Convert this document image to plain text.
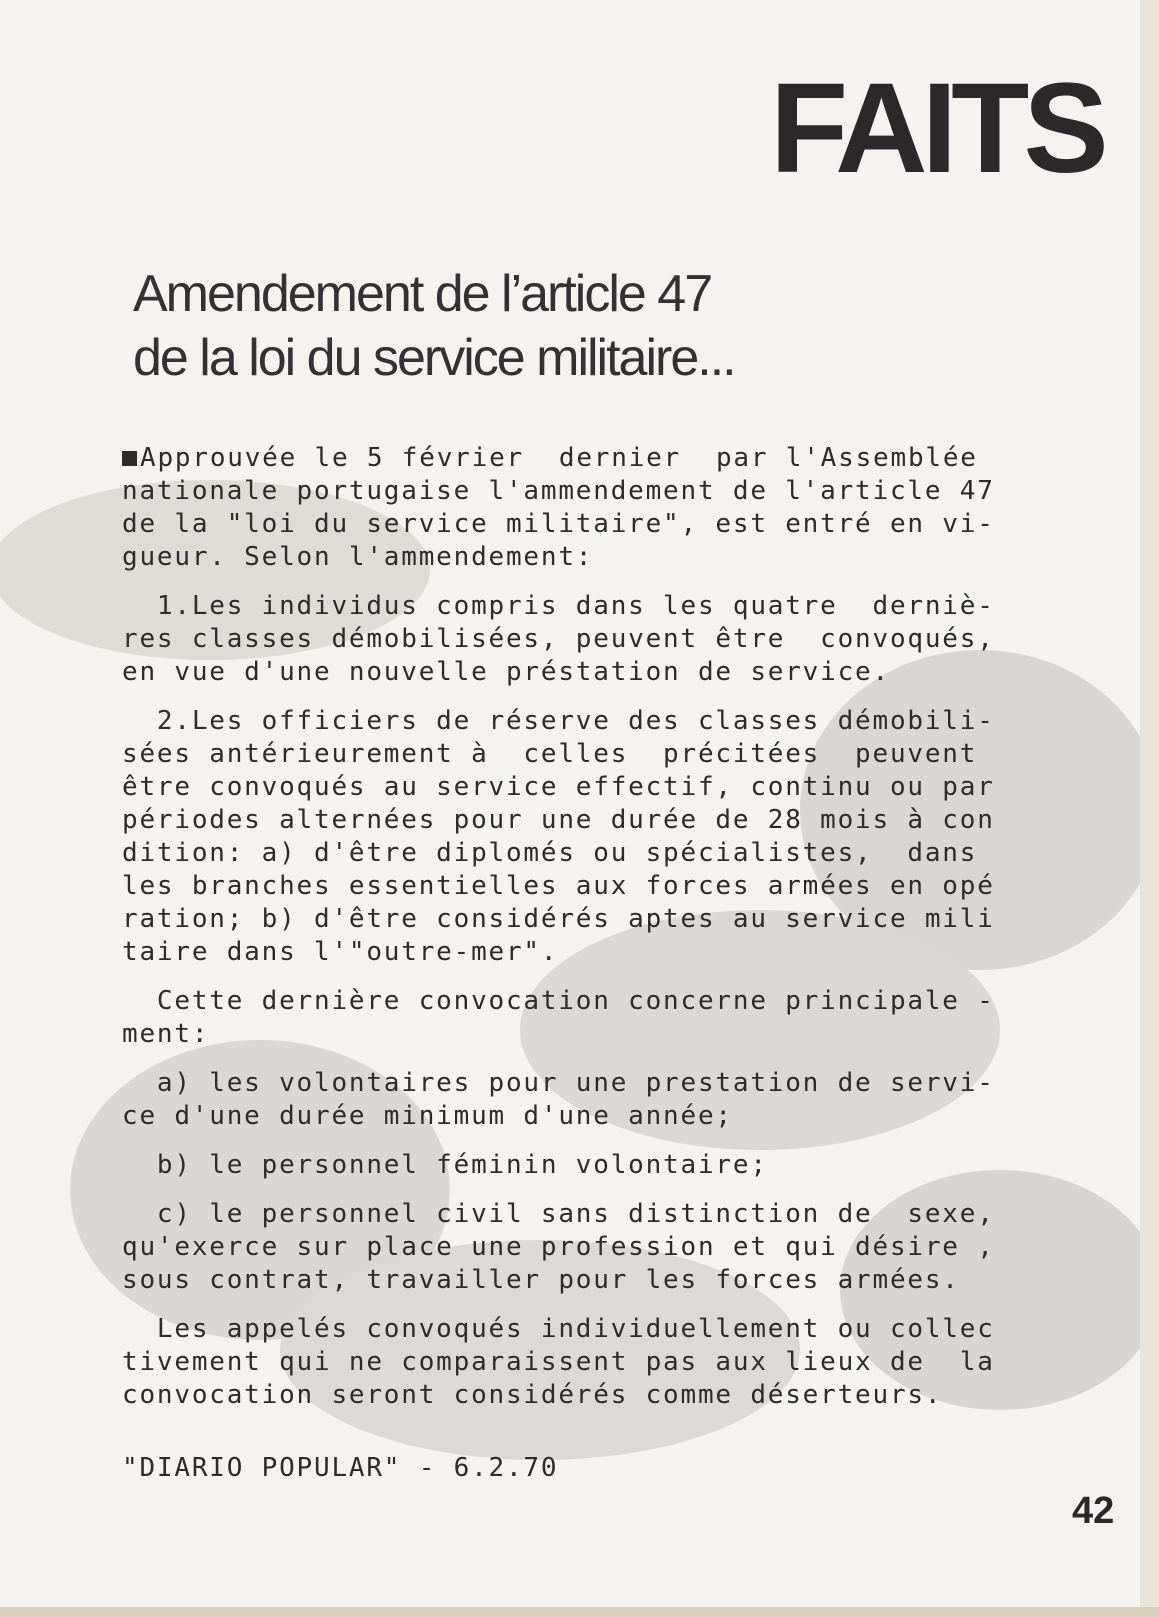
FAITS
Amendement de l’article 47
de la loi du service militaire...

Approuvée le 5 février  dernier  par l'Assemblée

nationale portugaise l'ammendement de l'article 47

de la "loi du service militaire", est entré en vi-

gueur. Selon l'ammendement:

1.Les individus compris dans les quatre  derniè-

res classes démobilisées, peuvent être  convoqués,

en vue d'une nouvelle préstation de service.

2.Les officiers de réserve des classes démobili-

sées antérieurement à  celles  précitées  peuvent

être convoqués au service effectif, continu ou par

périodes alternées pour une durée de 28 mois à con

dition: a) d'être diplomés ou spécialistes,  dans

les branches essentielles aux forces armées en opé

ration; b) d'être considérés aptes au service mili

taire dans l'"outre-mer".

Cette dernière convocation concerne principale -

ment:

a) les volontaires pour une prestation de servi-

ce d'une durée minimum d'une année;

b) le personnel féminin volontaire;

c) le personnel civil sans distinction de  sexe,

qu'exerce sur place une profession et qui désire ,

sous contrat, travailler pour les forces armées.

Les appelés convoqués individuellement ou collec

tivement qui ne comparaissent pas aux lieux de  la

convocation seront considérés comme déserteurs.

"DIARIO POPULAR" - 6.2.70

42
